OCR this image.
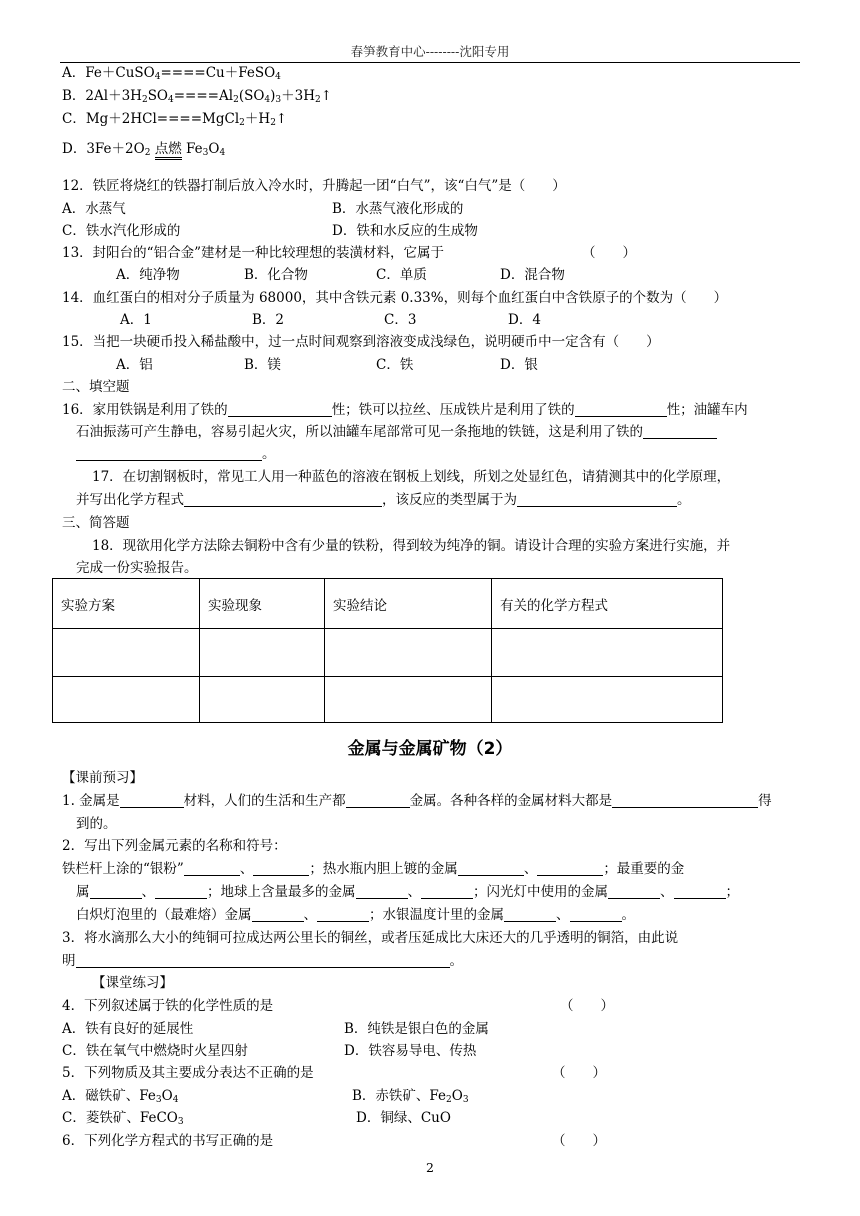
春笋教育中心--------沈阳专用
A．Fe＋CuSO$_4$====Cu＋FeSO$_4$
B．$2Al+3H_2SO_4====Al_2(SO_4)_3+3H_2↑$
C．$Mg+2HCl====MgCl_2+H_2↑$
D．$3Fe+2O_2$ 点燃 $Fe_3O_4$
12．铁匠将烧红的铁器打制后放入冷水时，升腾起一团“白气”，该“白气”是（　　）
A．水蒸气	B．水蒸气液化形成的
C．铁水汽化形成的	D．铁和水反应的生成物
13．封阳台的“铝合金”建材是一种比较理想的装潢材料，它属于	（　　）
A．纯净物	B．化合物	C．单质	D．混合物
14．血红蛋白的相对分子质量为 68000，其中含铁元素 0.33%，则每个血红蛋白中含铁原子的个数为（　　）
A．1	B．2	C．3	D．4
15．当把一块硬币投入稀盐酸中，过一点时间观察到溶液变成浅绿色，说明硬币中一定含有（　　）
A．铝	B．镁	C．铁	D．银
二、填空题
16．家用铁锅是利用了铁的	性；铁可以拉丝、压成铁片是利用了铁的	性；油罐车内
石油振荡可产生静电，容易引起火灾，所以油罐车尾部常可见一条拖地的铁链，这是利用了铁的
。
17．在切割钢板时，常见工人用一种蓝色的溶液在钢板上划线，所划之处显红色，请猜测其中的化学原理，
并写出化学方程式	，该反应的类型属于为	。
三、简答题
18．现欲用化学方法除去铜粉中含有少量的铁粉，得到较为纯净的铜。请设计合理的实验方案进行实施，并
完成一份实验报告。
实验方案	实验现象	实验结论	有关的化学方程式

金属与金属矿物（2）
【课前预习】
1. 金属是	材料，人们的生活和生产都	金属。各种各样的金属材料大都是	得
到的。
2．写出下列金属元素的名称和符号：
铁栏杆上涂的“银粉”	、	；热水瓶内胆上镀的金属	、	；最重要的金
属	、	；地球上含量最多的金属	、	；闪光灯中使用的金属	、	；
白炽灯泡里的（最难熔）金属	、	；水银温度计里的金属	、	。
3．将水滴那么大小的纯铜可拉成达两公里长的铜丝，或者压延成比大床还大的几乎透明的铜箔，由此说
明	。
【课堂练习】
4．下列叙述属于铁的化学性质的是	（　　）
A．铁有良好的延展性	B．纯铁是银白色的金属
C．铁在氧气中燃烧时火星四射	D．铁容易导电、传热
5．下列物质及其主要成分表达不正确的是	（　　）
A．磁铁矿、$Fe_3O_4$	B．赤铁矿、$Fe_2O_3$
C．菱铁矿、FeCO$_3$	D．铜绿、CuO
6．下列化学方程式的书写正确的是	（　　）
2
